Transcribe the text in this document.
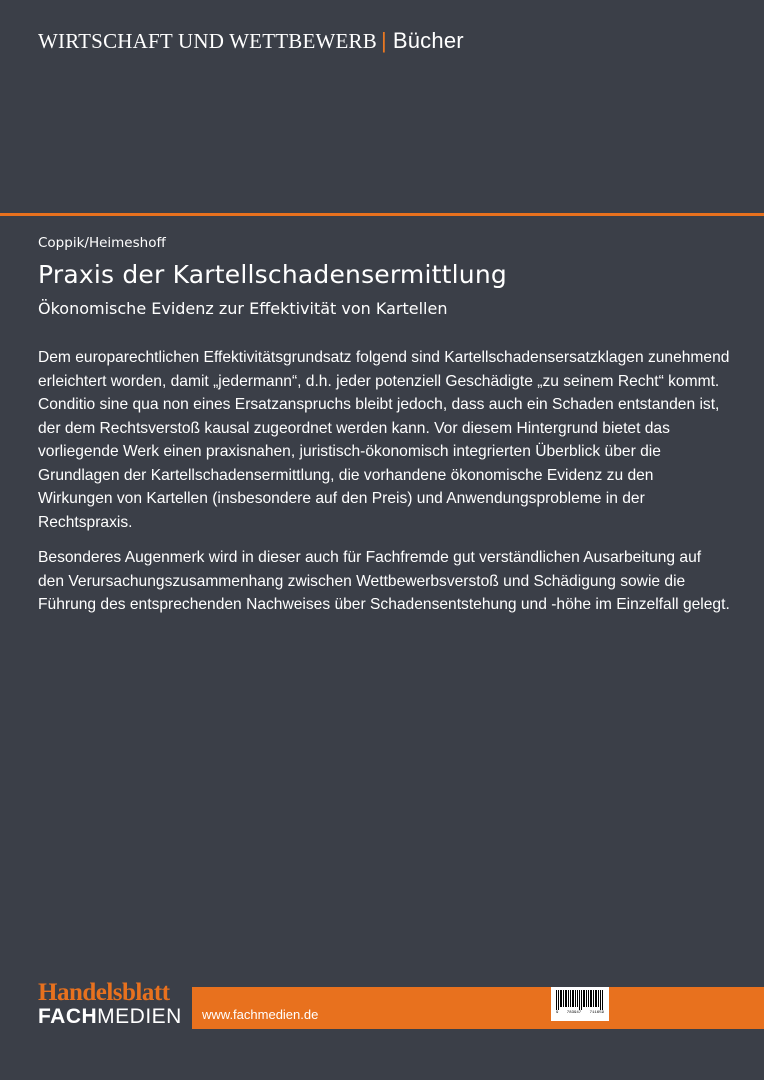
WIRTSCHAFT UND WETTBEWERB | Bücher
Coppik/Heimeshoff
Praxis der Kartellschadensermittlung
Ökonomische Evidenz zur Effektivität von Kartellen

Dem europarechtlichen Effektivitätsgrundsatz folgend sind Kartellschadensersatzklagen zunehmend erleichtert worden, damit „jedermann“, d.h. jeder potenziell Geschädigte „zu seinem Recht“ kommt. Conditio sine qua non eines Ersatzanspruchs bleibt jedoch, dass auch ein Schaden entstanden ist, der dem Rechtsverstoß kausal zugeordnet werden kann. Vor diesem Hintergrund bietet das vorliegende Werk einen praxisnahen, juristisch-ökonomisch integrierten Überblick über die Grundlagen der Kartellschadensermittlung, die vorhandene ökonomische Evidenz zu den Wirkungen von Kartellen (insbesondere auf den Preis) und Anwendungsprobleme in der Rechtspraxis.

Besonderes Augenmerk wird in dieser auch für Fachfremde gut verständlichen Ausarbeitung auf den Verursachungszusammenhang zwischen Wettbewerbsverstoß und Schädigung sowie die Führung des entsprechenden Nachweises über Schadensentstehung und -höhe im Einzelfall gelegt.

www.fachmedien.de
Handelsblatt
FACHMEDIEN	9 783947 711659
